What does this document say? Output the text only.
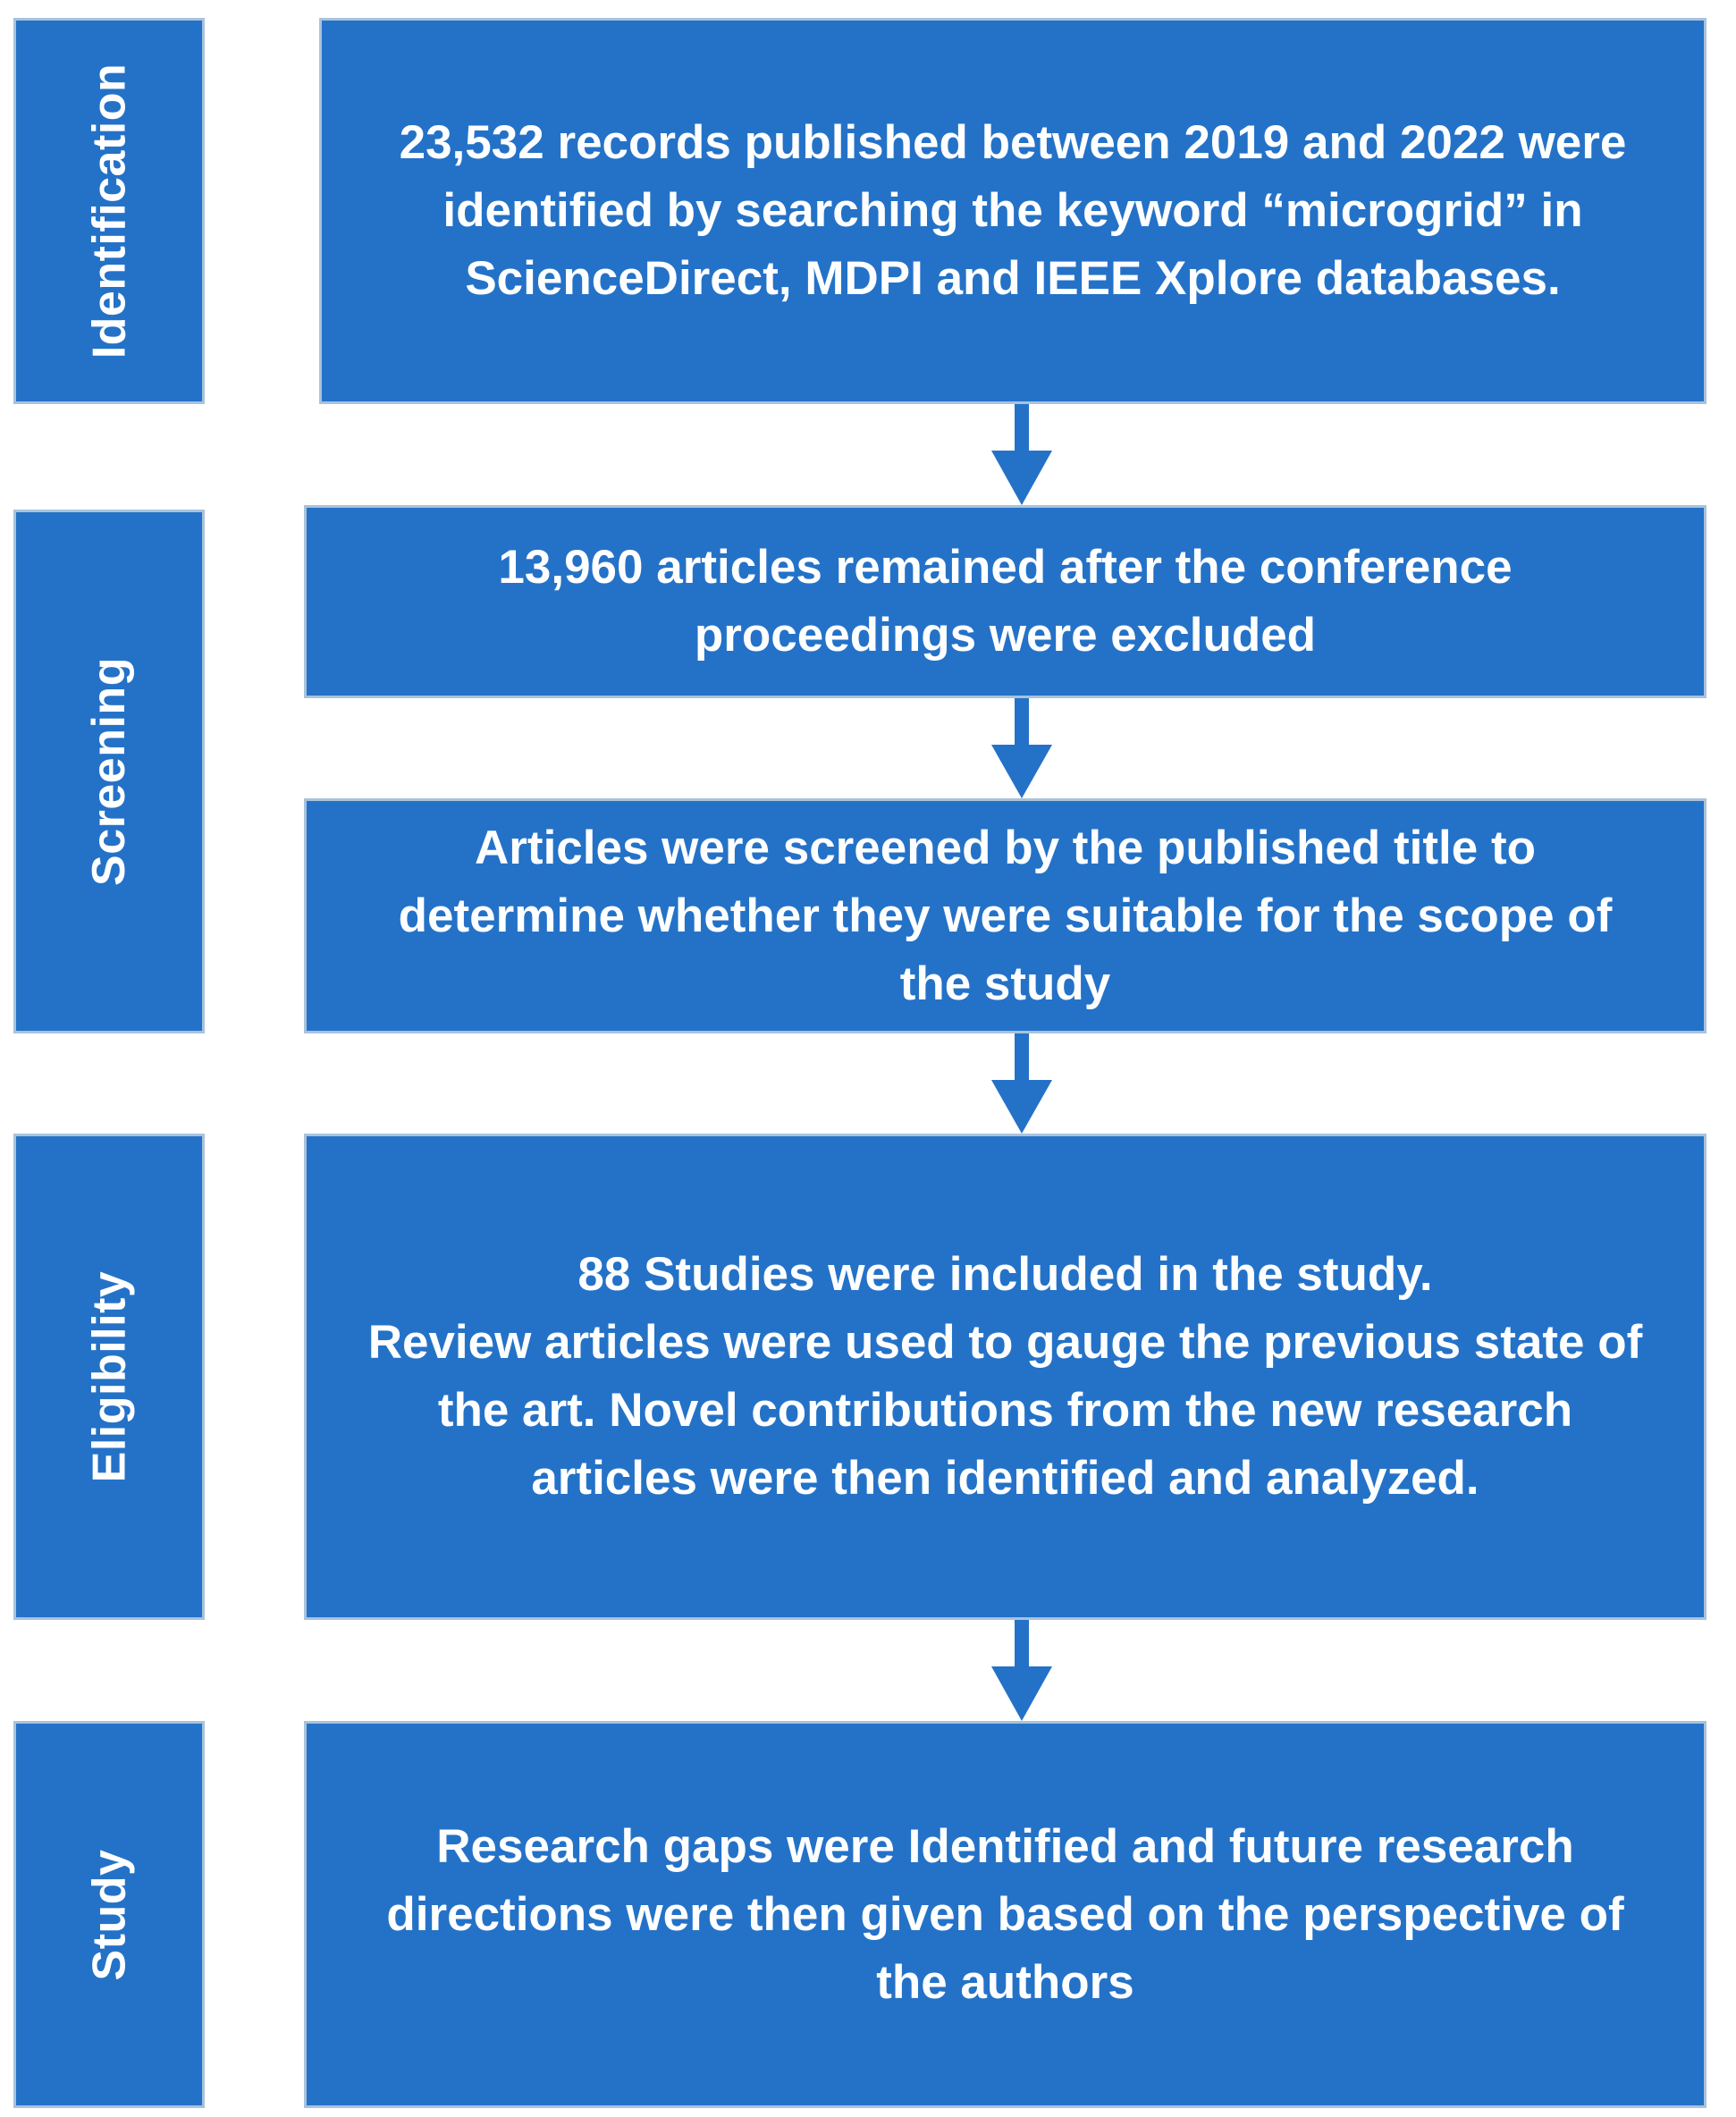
Identification
Screening
Eligibility
Study
23,532 records published between 2019 and 2022 were
identified by searching the keyword “microgrid” in
ScienceDirect, MDPI and IEEE Xplore databases.
13,960 articles remained after the conference
proceedings were excluded
Articles were screened by the published title to
determine whether they were suitable for the scope of
the study
88 Studies were included in the study.
Review articles were used to gauge the previous state of
the art. Novel contributions from the new research
articles were then identified and analyzed.
Research gaps were Identified and future research
directions were then given based on the perspective of
the authors
